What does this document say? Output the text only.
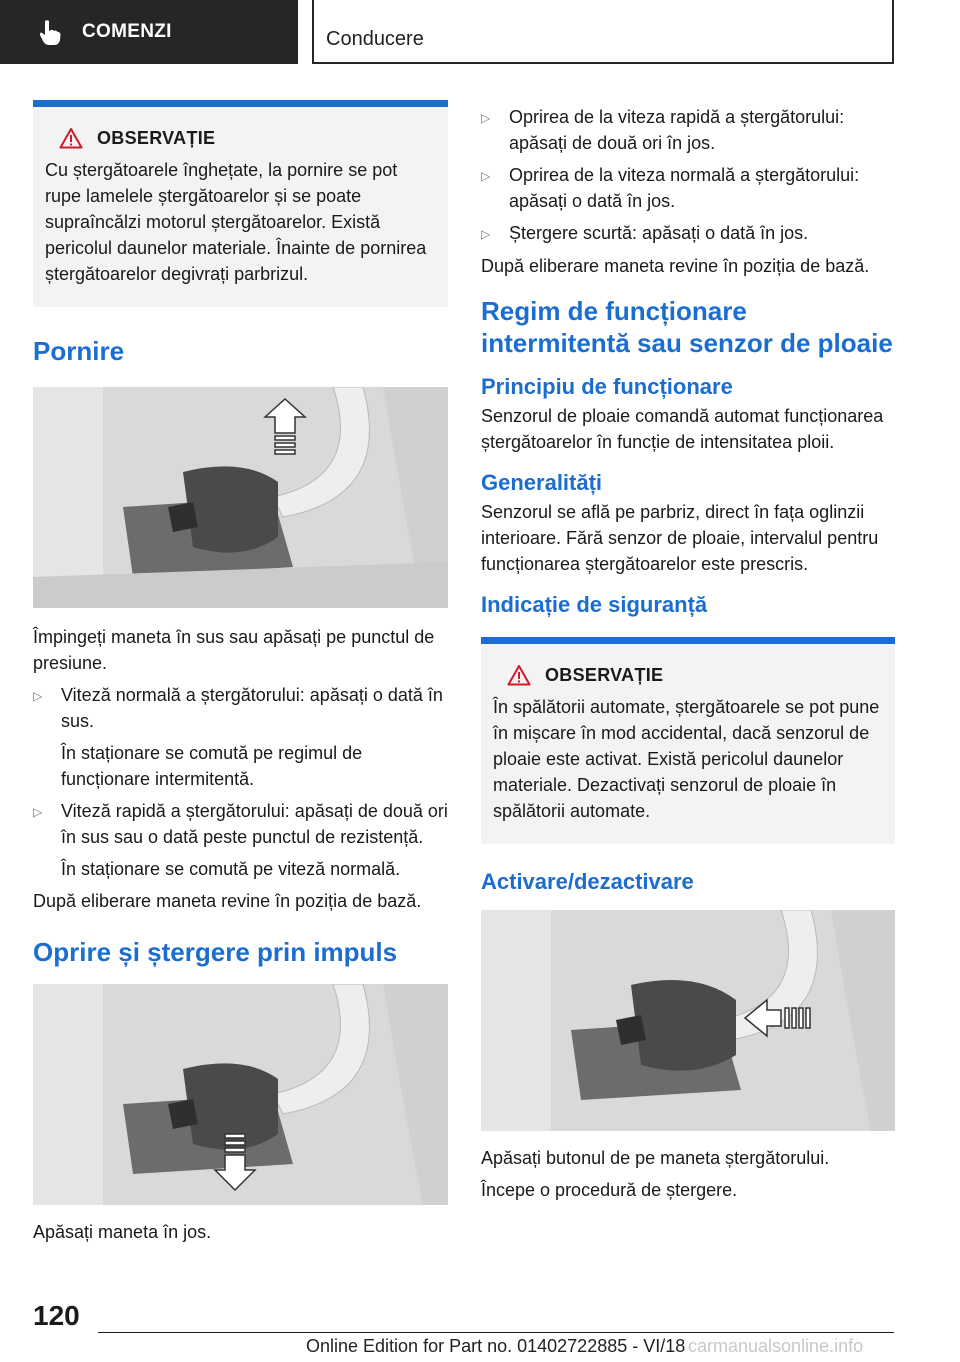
COMENZI	Conducere
OBSERVAȚIE
Cu ștergătoarele înghețate, la pornire se pot rupe lamelele ștergătoarelor și se poate supraîncălzi motorul ștergătoarelor. Există pericolul daunelor materiale. Înainte de pornirea ștergătoarelor degivrați parbrizul.
Pornire

Împingeți maneta în sus sau apăsați pe punctul de presiune.

▷	Viteză normală a ștergătorului: apăsați o dată în sus.

În staționare se comută pe regimul de funcționare intermitentă.

▷	Viteză rapidă a ștergătorului: apăsați de două ori în sus sau o dată peste punctul de rezistență.

În staționare se comută pe viteză normală.

După eliberare maneta revine în poziția de bază.

Oprire și ștergere prin impuls

Apăsați maneta în jos.

▷	Oprirea de la viteza rapidă a ștergătorului: apăsați de două ori în jos.
▷	Oprirea de la viteza normală a ștergătorului: apăsați o dată în jos.
▷	Ștergere scurtă: apăsați o dată în jos.

După eliberare maneta revine în poziția de bază.

Regim de funcționare intermitentă sau senzor de ploaie
Principiu de funcționare

Senzorul de ploaie comandă automat funcționarea ștergătoarelor în funcție de intensitatea ploii.

Generalități

Senzorul se află pe parbriz, direct în fața oglinzii interioare. Fără senzor de ploaie, intervalul pentru funcționarea ștergătoarelor este prescris.

Indicație de siguranță
OBSERVAȚIE
În spălătorii automate, ștergătoarele se pot pune în mișcare în mod accidental, dacă senzorul de ploaie este activat. Există pericolul daunelor materiale. Dezactivați senzorul de ploaie în spălătorii automate.
Activare/dezactivare

Apăsați butonul de pe maneta ștergătorului.

Începe o procedură de ștergere.

120
Online Edition for Part no. 01402722885 - VI/18 carmanualsonline.info
